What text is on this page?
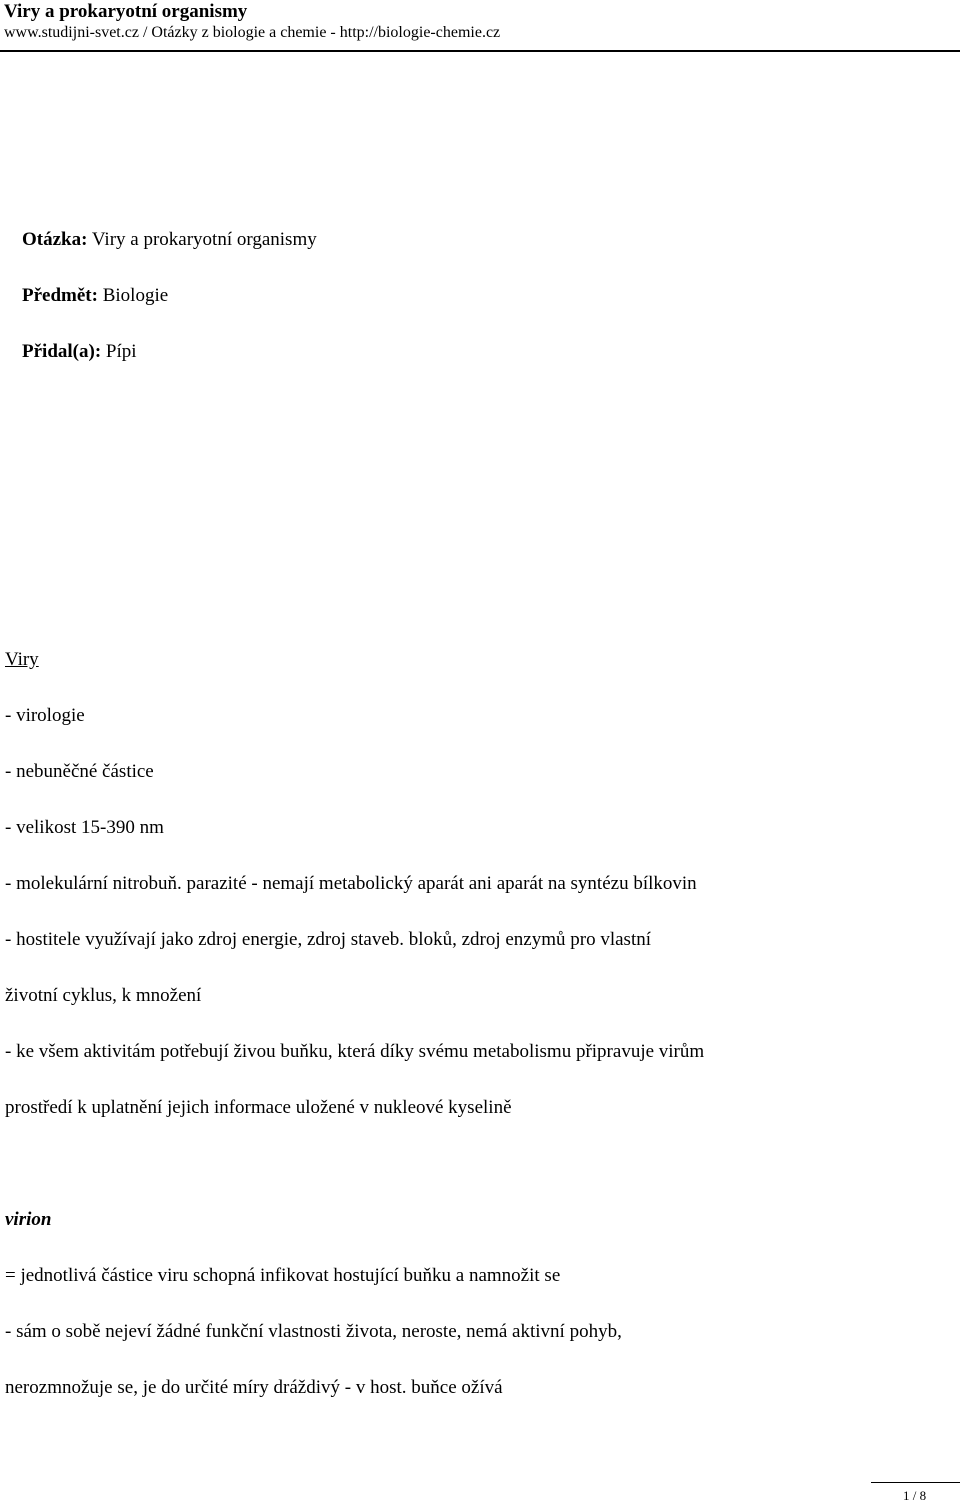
Viry a prokaryotní organismy

www.studijni-svet.cz / Otázky z biologie a chemie - http://biologie-chemie.cz

Otázka: Viry a prokaryotní organismy

Předmět: Biologie

Přidal(a): Pípi

Viry

- virologie

- nebuněčné částice

- velikost 15-390 nm

- molekulární nitrobuň. parazité - nemají metabolický aparát ani aparát na syntézu bílkovin

- hostitele využívají jako zdroj energie, zdroj staveb. bloků, zdroj enzymů pro vlastní

životní cyklus, k množení

- ke všem aktivitám potřebují živou buňku, která díky svému metabolismu připravuje virům

prostředí k uplatnění jejich informace uložené v nukleové kyselině

virion

= jednotlivá částice viru schopná infikovat hostující buňku a namnožit se

- sám o sobě nejeví žádné funkční vlastnosti života, neroste, nemá aktivní pohyb,

nerozmnožuje se, je do určité míry dráždivý - v host. buňce ožívá

1 / 8
